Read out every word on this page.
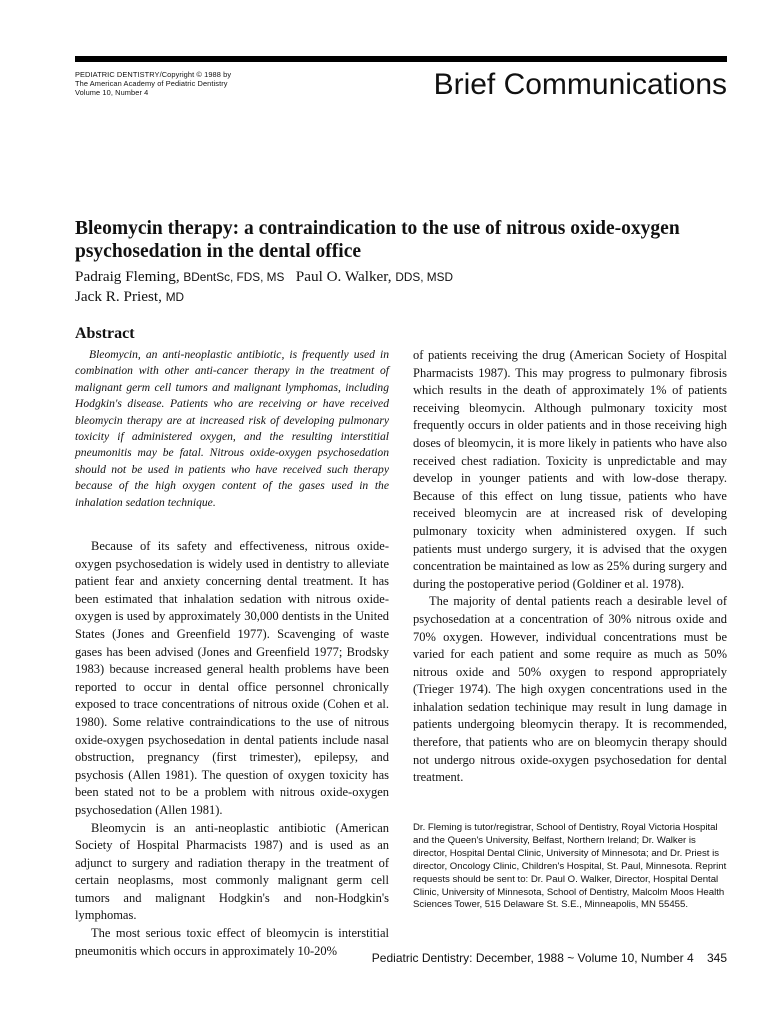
PEDIATRIC DENTISTRY/Copyright © 1988 by
The American Academy of Pediatric Dentistry
Volume 10, Number 4	Brief Communications
Bleomycin therapy: a contraindication to the use of nitrous oxide-oxygen psychosedation in the dental office
Padraig Fleming, BDentSc, FDS, MS Paul O. Walker, DDS, MSD
Jack R. Priest, MD
Abstract

Bleomycin, an anti-neoplastic antibiotic, is frequently used in combination with other anti-cancer therapy in the treatment of malignant germ cell tumors and malignant lymphomas, including Hodgkin's disease. Patients who are receiving or have received bleomycin therapy are at increased risk of developing pulmonary toxicity if administered oxygen, and the resulting interstitial pneumonitis may be fatal. Nitrous oxide-oxygen psychosedation should not be used in patients who have received such therapy because of the high oxygen content of the gases used in the inhalation sedation technique.

Because of its safety and effectiveness, nitrous oxide-oxygen psychosedation is widely used in dentistry to alleviate patient fear and anxiety concerning dental treatment. It has been estimated that inhalation sedation with nitrous oxide-oxygen is used by approximately 30,000 dentists in the United States (Jones and Greenfield 1977). Scavenging of waste gases has been advised (Jones and Greenfield 1977; Brodsky 1983) because increased general health problems have been reported to occur in dental office personnel chronically exposed to trace concentrations of nitrous oxide (Cohen et al. 1980). Some relative contraindications to the use of nitrous oxide-oxygen psychosedation in dental patients include nasal obstruction, pregnancy (first trimester), epilepsy, and psychosis (Allen 1981). The question of oxygen toxicity has been stated not to be a problem with nitrous oxide-oxygen psychosedation (Allen 1981).

Bleomycin is an anti-neoplastic antibiotic (American Society of Hospital Pharmacists 1987) and is used as an adjunct to surgery and radiation therapy in the treatment of certain neoplasms, most commonly malignant germ cell tumors and malignant Hodgkin's and non-Hodgkin's lymphomas.

The most serious toxic effect of bleomycin is interstitial pneumonitis which occurs in approximately 10-20%

of patients receiving the drug (American Society of Hospital Pharmacists 1987). This may progress to pulmonary fibrosis which results in the death of approximately 1% of patients receiving bleomycin. Although pulmonary toxicity most frequently occurs in older patients and in those receiving high doses of bleomycin, it is more likely in patients who have also received chest radiation. Toxicity is unpredictable and may develop in younger patients and with low-dose therapy. Because of this effect on lung tissue, patients who have received bleomycin are at increased risk of developing pulmonary toxicity when administered oxygen. If such patients must undergo surgery, it is advised that the oxygen concentration be maintained as low as 25% during surgery and during the postoperative period (Goldiner et al. 1978).

The majority of dental patients reach a desirable level of psychosedation at a concentration of 30% nitrous oxide and 70% oxygen. However, individual concentrations must be varied for each patient and some require as much as 50% nitrous oxide and 50% oxygen to respond appropriately (Trieger 1974). The high oxygen concentrations used in the inhalation sedation techinique may result in lung damage in patients undergoing bleomycin therapy. It is recommended, therefore, that patients who are on bleomycin therapy should not undergo nitrous oxide-oxygen psychosedation for dental treatment.

Dr. Fleming is tutor/registrar, School of Dentistry, Royal Victoria Hospital and the Queen's University, Belfast, Northern Ireland; Dr. Walker is director, Hospital Dental Clinic, University of Minnesota; and Dr. Priest is director, Oncology Clinic, Children's Hospital, St. Paul, Minnesota. Reprint requests should be sent to: Dr. Paul O. Walker, Director, Hospital Dental Clinic, University of Minnesota, School of Dentistry, Malcolm Moos Health Sciences Tower, 515 Delaware St. S.E., Minneapolis, MN 55455.

Pediatric Dentistry: December, 1988 ~ Volume 10, Number 4 345
